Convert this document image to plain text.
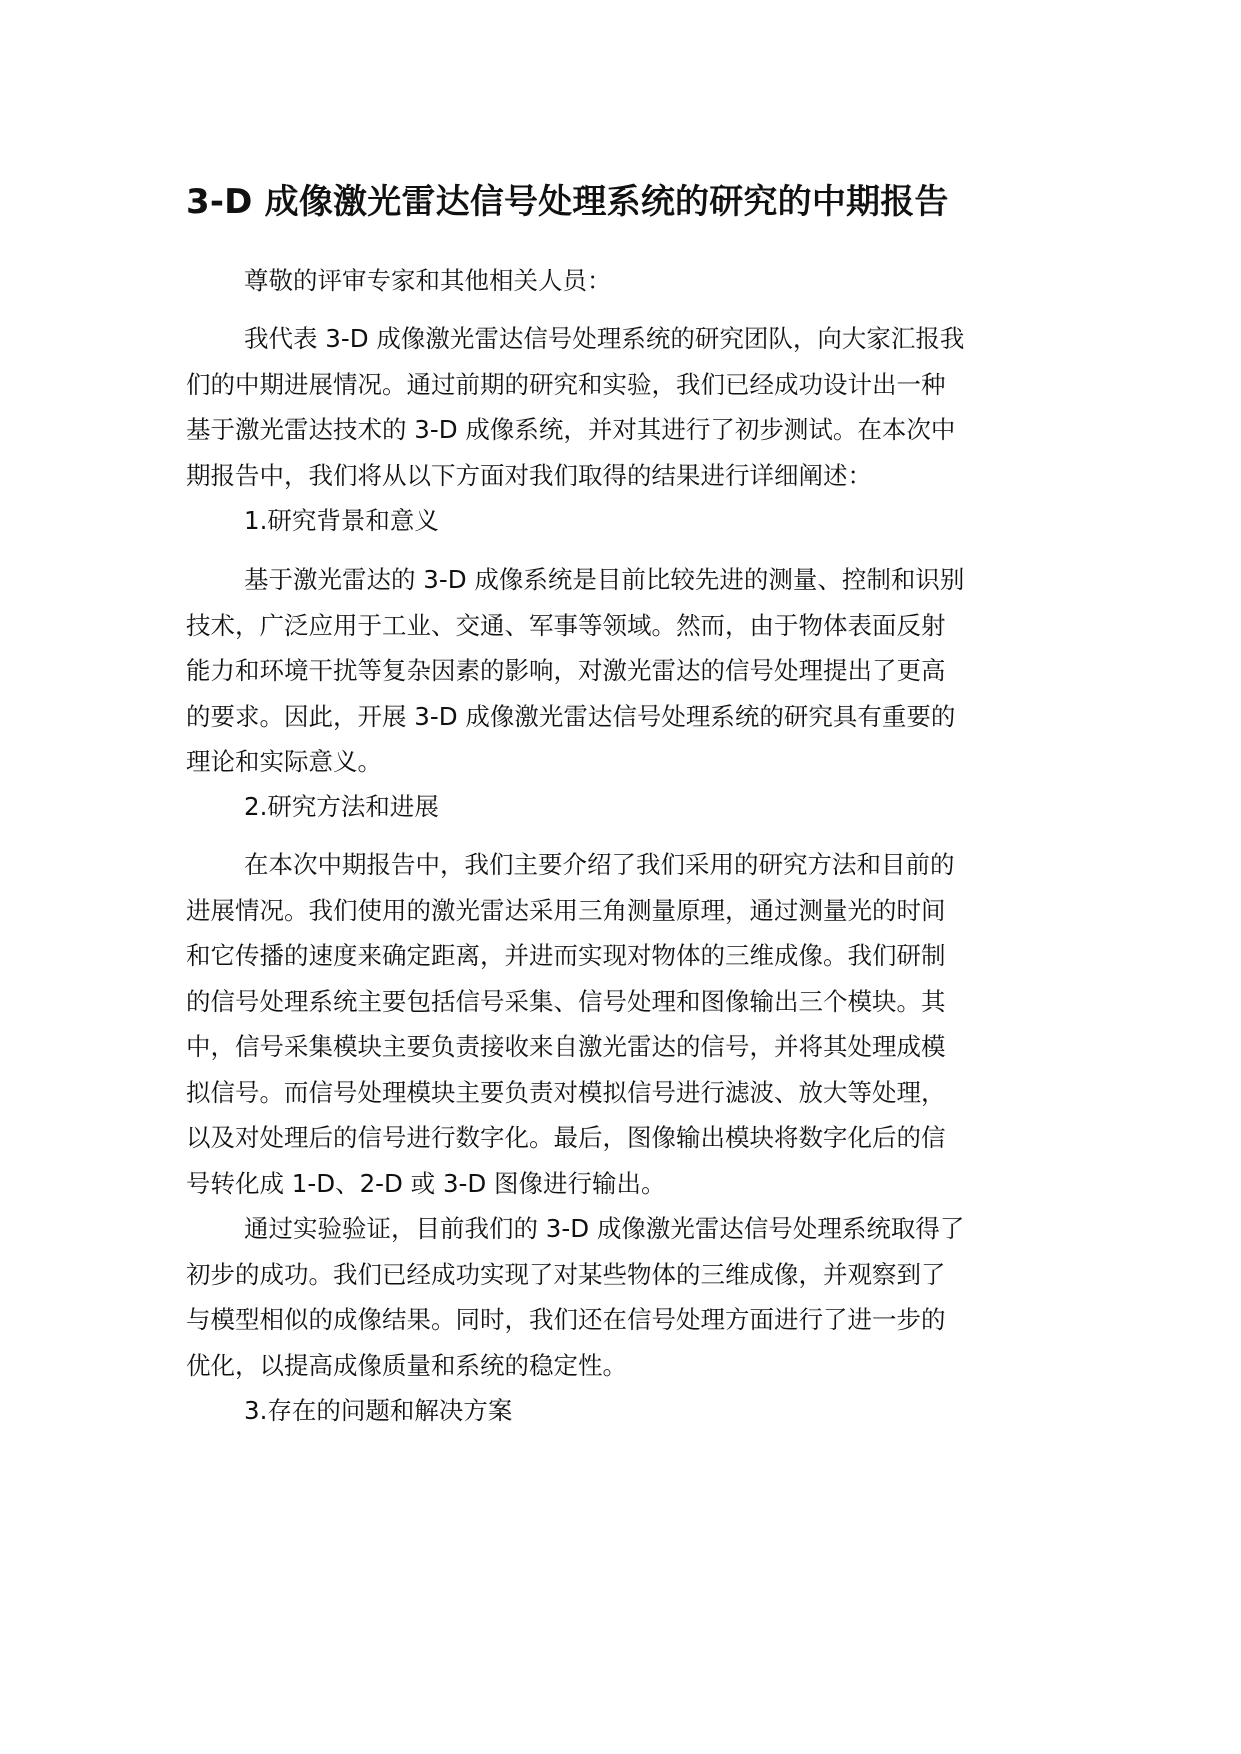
3-D 成像激光雷达信号处理系统的研究的中期报告

尊敬的评审专家和其他相关人员：

我代表 3-D 成像激光雷达信号处理系统的研究团队，向大家汇报我
们的中期进展情况。通过前期的研究和实验，我们已经成功设计出一种
基于激光雷达技术的 3-D 成像系统，并对其进行了初步测试。在本次中
期报告中，我们将从以下方面对我们取得的结果进行详细阐述：

1.研究背景和意义

基于激光雷达的 3-D 成像系统是目前比较先进的测量、控制和识别
技术，广泛应用于工业、交通、军事等领域。然而，由于物体表面反射
能力和环境干扰等复杂因素的影响，对激光雷达的信号处理提出了更高
的要求。因此，开展 3-D 成像激光雷达信号处理系统的研究具有重要的
理论和实际意义。

2.研究方法和进展

在本次中期报告中，我们主要介绍了我们采用的研究方法和目前的
进展情况。我们使用的激光雷达采用三角测量原理，通过测量光的时间
和它传播的速度来确定距离，并进而实现对物体的三维成像。我们研制
的信号处理系统主要包括信号采集、信号处理和图像输出三个模块。其
中，信号采集模块主要负责接收来自激光雷达的信号，并将其处理成模
拟信号。而信号处理模块主要负责对模拟信号进行滤波、放大等处理，
以及对处理后的信号进行数字化。最后，图像输出模块将数字化后的信
号转化成 1-D、2-D 或 3-D 图像进行输出。

通过实验验证，目前我们的 3-D 成像激光雷达信号处理系统取得了
初步的成功。我们已经成功实现了对某些物体的三维成像，并观察到了
与模型相似的成像结果。同时，我们还在信号处理方面进行了进一步的
优化，以提高成像质量和系统的稳定性。

3.存在的问题和解决方案
